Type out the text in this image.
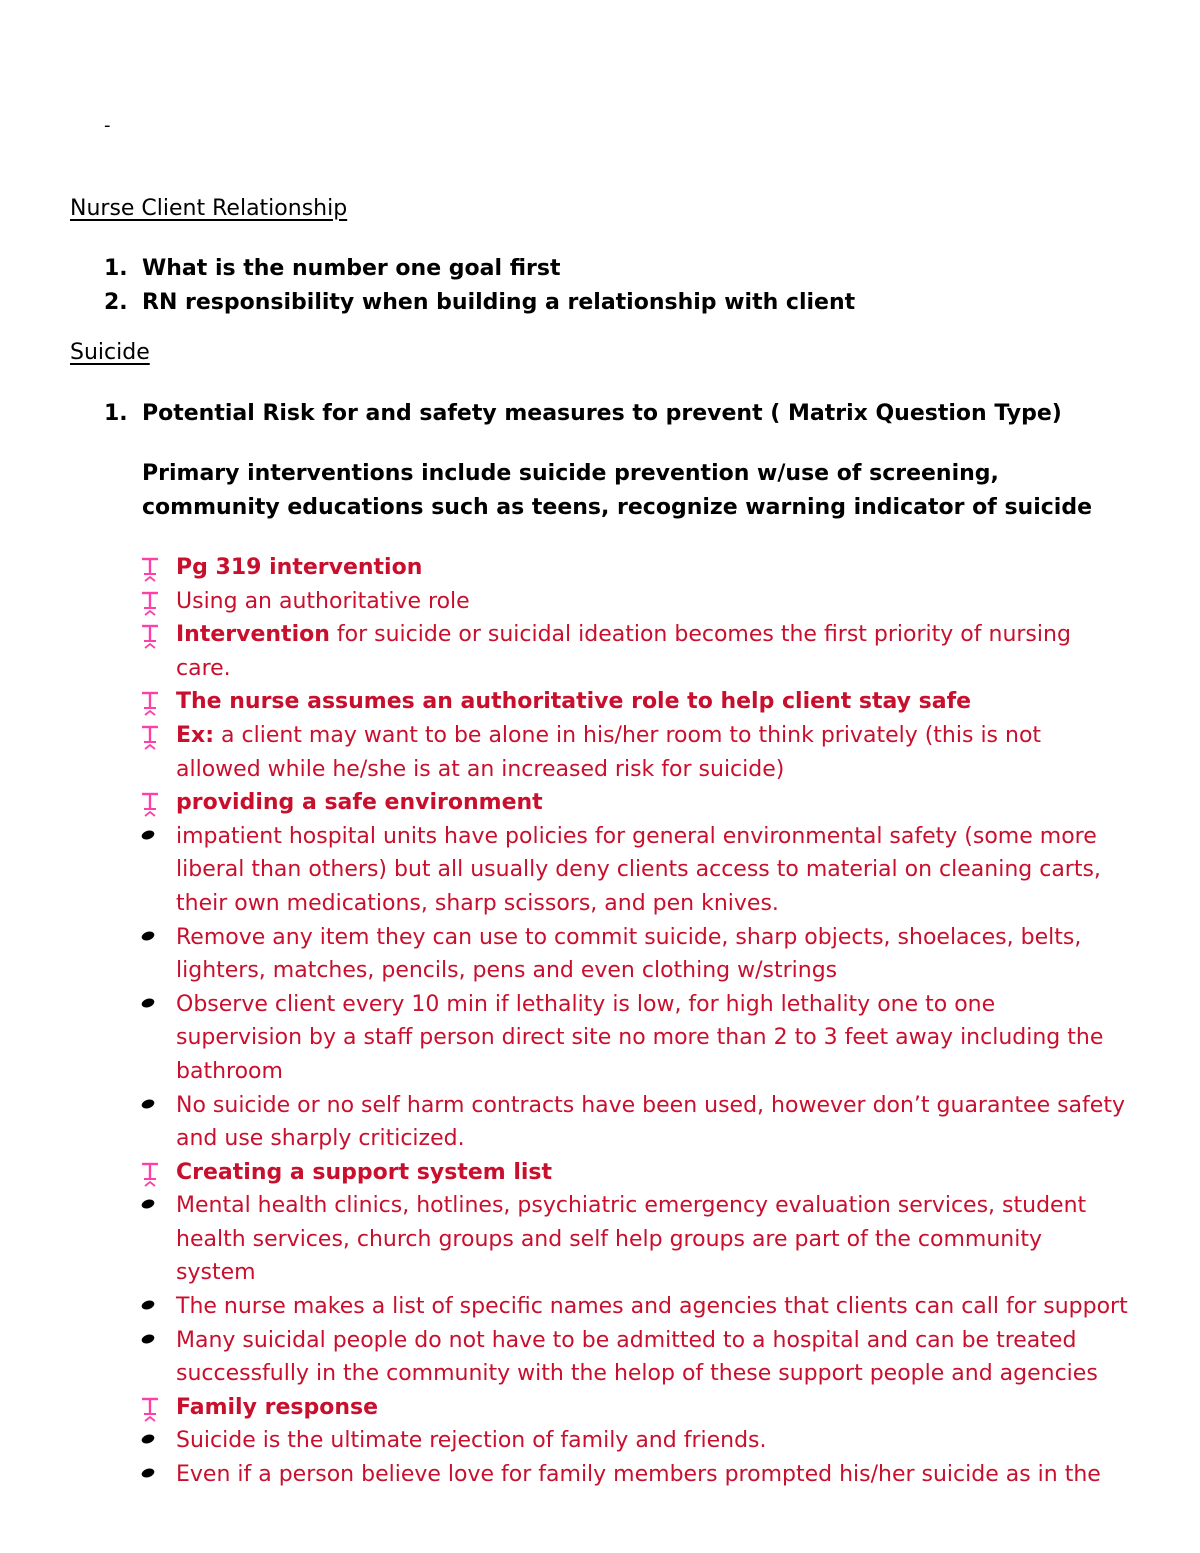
-
Nurse Client Relationship
1. What is the number one goal first
2. RN responsibility when building a relationship with client
Suicide
1. Potential Risk for and safety measures to prevent ( Matrix Question Type)
Primary interventions include suicide prevention w/use of screening, community educations such as teens, recognize warning indicator of suicide
Pg 319 intervention
Using an authoritative role
Intervention for suicide or suicidal ideation becomes the first priority of nursing care.
The nurse assumes an authoritative role to help client stay safe
Ex: a client may want to be alone in his/her room to think privately (this is not allowed while he/she is at an increased risk for suicide)
providing a safe environment
impatient hospital units have policies for general environmental safety (some more liberal than others) but all usually deny clients access to material on cleaning carts, their own medications, sharp scissors, and pen knives.
Remove any item they can use to commit suicide, sharp objects, shoelaces, belts, lighters, matches, pencils, pens and even clothing w/strings
Observe client every 10 min if lethality is low, for high lethality one to one supervision by a staff person direct site no more than 2 to 3 feet away including the bathroom
No suicide or no self harm contracts have been used, however don’t guarantee safety and use sharply criticized.
Creating a support system list
Mental health clinics, hotlines, psychiatric emergency evaluation services, student health services, church groups and self help groups are part of the community system
The nurse makes a list of specific names and agencies that clients can call for support
Many suicidal people do not have to be admitted to a hospital and can be treated successfully in the community with the helop of these support people and agencies
Family response
Suicide is the ultimate rejection of family and friends.
Even if a person believe love for family members prompted his/her suicide as in the
